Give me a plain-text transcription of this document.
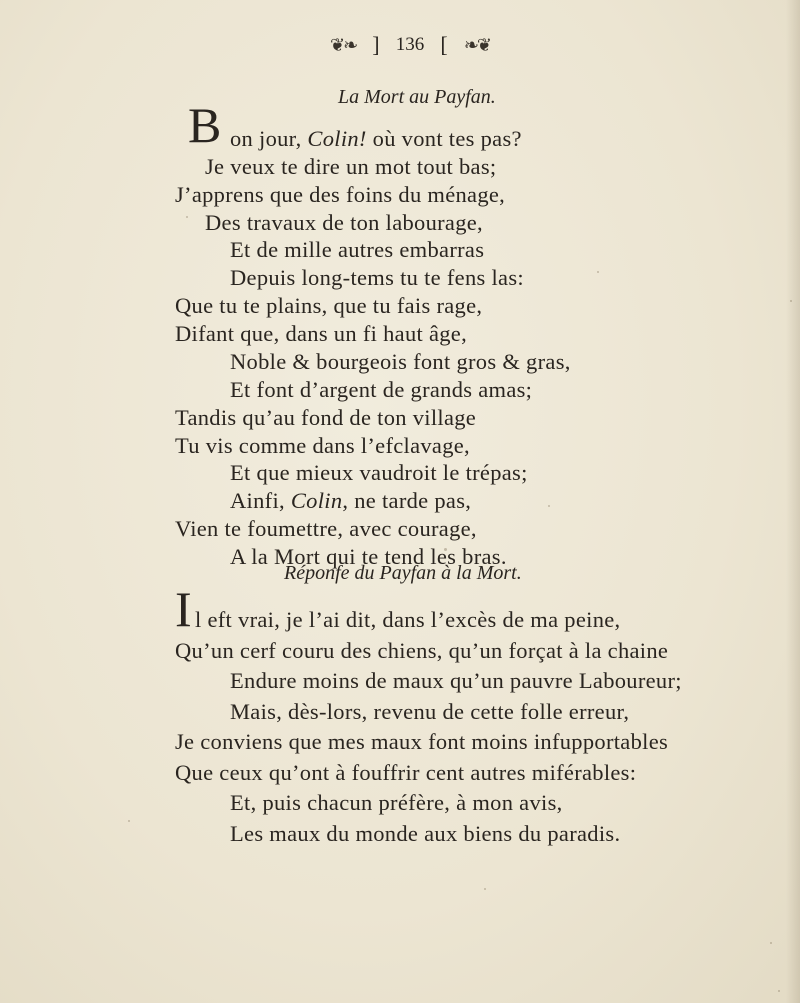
❦❧ ] 136 [ ❧❦
La Mort au Payfan.
B on jour, Colin! où vont tes pas?
Je veux te dire un mot tout bas;
J’apprens que des foins du ménage,
Des travaux de ton labourage,
Et de mille autres embarras
Depuis long-tems tu te fens las:
Que tu te plains, que tu fais rage,
Difant que, dans un fi haut âge,
Noble & bourgeois font gros & gras,
Et font d’argent de grands amas;
Tandis qu’au fond de ton village
Tu vis comme dans l’efclavage,
Et que mieux vaudroit le trépas;
Ainfi, Colin, ne tarde pas,
Vien te foumettre, avec courage,
A la Mort qui te tend les bras.
Réponfe du Payfan à la Mort.
I l eft vrai, je l’ai dit, dans l’excès de ma peine,
Qu’un cerf couru des chiens, qu’un forçat à la chaine
Endure moins de maux qu’un pauvre Laboureur;
Mais, dès-lors, revenu de cette folle erreur,
Je conviens que mes maux font moins infupportables
Que ceux qu’ont à fouffrir cent autres miférables:
Et, puis chacun préfère, à mon avis,
Les maux du monde aux biens du paradis.
